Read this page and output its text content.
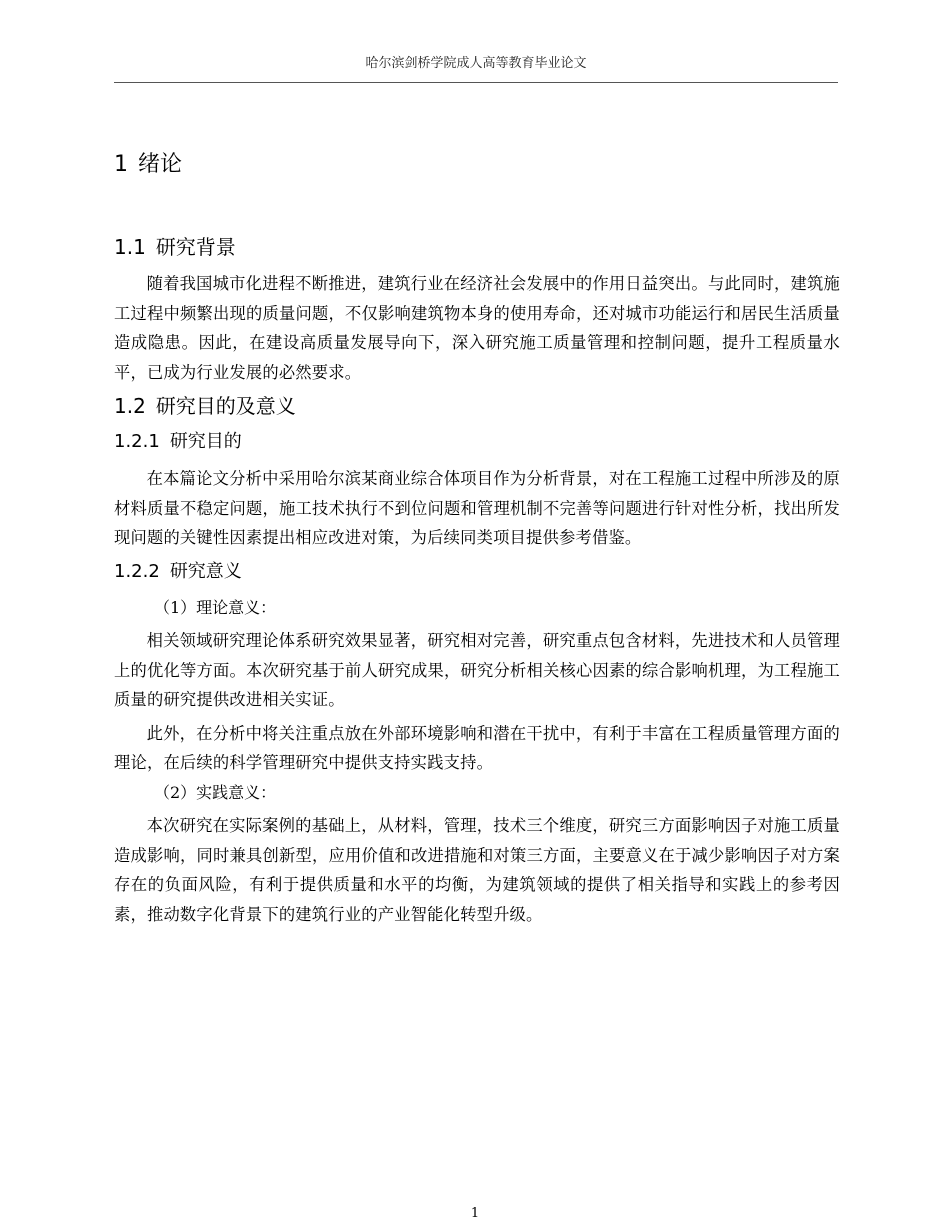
哈尔滨剑桥学院成人高等教育毕业论文
1 绪论
1.1 研究背景

随着我国城市化进程不断推进，建筑行业在经济社会发展中的作用日益突出。与此同时，建筑施工过程中频繁出现的质量问题，不仅影响建筑物本身的使用寿命，还对城市功能运行和居民生活质量造成隐患。因此，在建设高质量发展导向下，深入研究施工质量管理和控制问题，提升工程质量水平，已成为行业发展的必然要求。

1.2 研究目的及意义
1.2.1 研究目的

在本篇论文分析中采用哈尔滨某商业综合体项目作为分析背景，对在工程施工过程中所涉及的原材料质量不稳定问题，施工技术执行不到位问题和管理机制不完善等问题进行针对性分析，找出所发现问题的关键性因素提出相应改进对策，为后续同类项目提供参考借鉴。

1.2.2 研究意义

（1）理论意义：

相关领域研究理论体系研究效果显著，研究相对完善，研究重点包含材料，先进技术和人员管理上的优化等方面。本次研究基于前人研究成果，研究分析相关核心因素的综合影响机理，为工程施工质量的研究提供改进相关实证。

此外，在分析中将关注重点放在外部环境影响和潜在干扰中，有利于丰富在工程质量管理方面的理论，在后续的科学管理研究中提供支持实践支持。

（2）实践意义：

本次研究在实际案例的基础上，从材料，管理，技术三个维度，研究三方面影响因子对施工质量造成影响，同时兼具创新型，应用价值和改进措施和对策三方面，主要意义在于减少影响因子对方案存在的负面风险，有利于提供质量和水平的均衡，为建筑领域的提供了相关指导和实践上的参考因素，推动数字化背景下的建筑行业的产业智能化转型升级。

1
